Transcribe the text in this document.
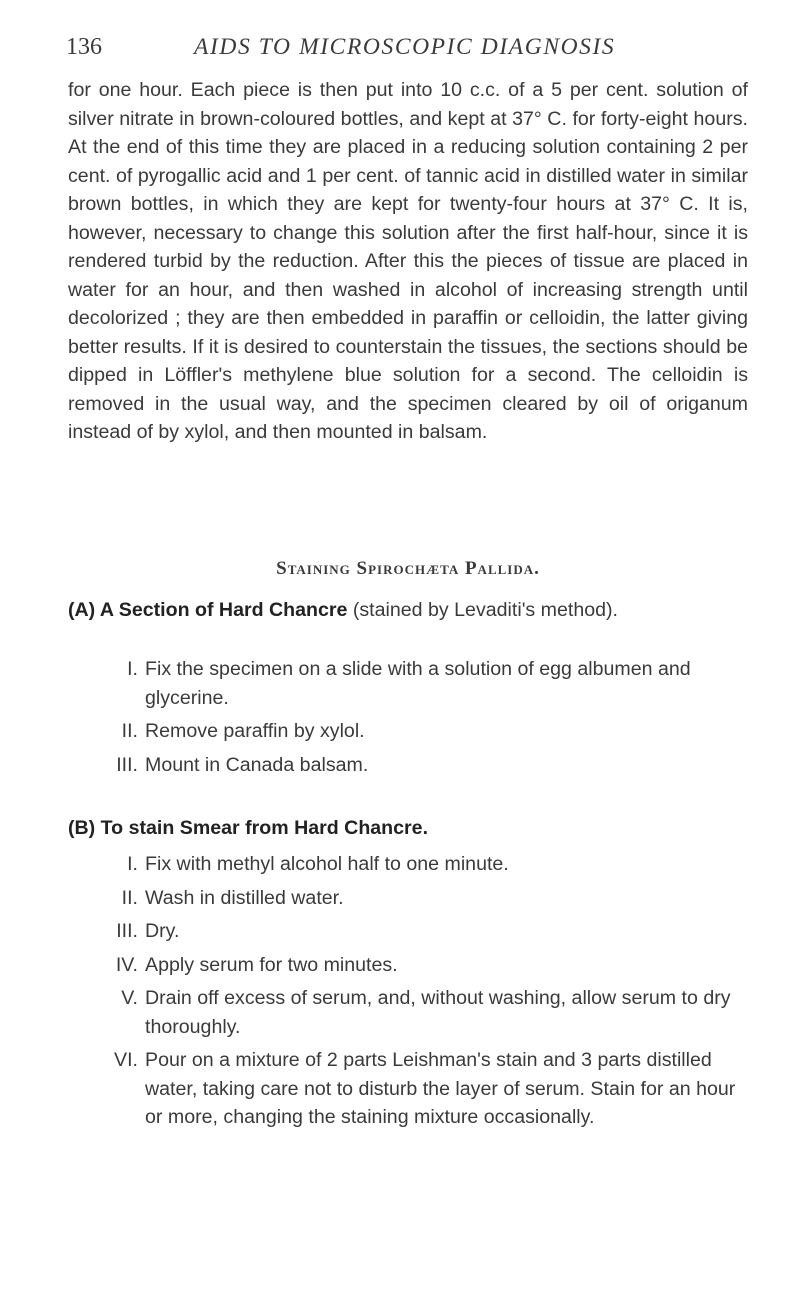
136	AIDS TO MICROSCOPIC DIAGNOSIS

for one hour. Each piece is then put into 10 c.c. of a 5 per cent. solution of silver nitrate in brown-coloured bottles, and kept at 37° C. for forty-eight hours. At the end of this time they are placed in a reducing solution containing 2 per cent. of pyrogallic acid and 1 per cent. of tannic acid in distilled water in similar brown bottles, in which they are kept for twenty-four hours at 37° C. It is, however, necessary to change this solution after the first half-hour, since it is rendered turbid by the reduction. After this the pieces of tissue are placed in water for an hour, and then washed in alcohol of increasing strength until decolorized ; they are then embedded in paraffin or celloidin, the latter giving better results. If it is desired to counterstain the tissues, the sections should be dipped in Löffler's methylene blue solution for a second. The celloidin is removed in the usual way, and the specimen cleared by oil of origanum instead of by xylol, and then mounted in balsam.

Staining Spirochæta Pallida.

(A) A Section of Hard Chancre (stained by Levaditi's method).

I. Fix the specimen on a slide with a solution of egg albumen and glycerine.
II. Remove paraffin by xylol.
III. Mount in Canada balsam.

(B) To stain Smear from Hard Chancre.

I. Fix with methyl alcohol half to one minute.
II. Wash in distilled water.
III. Dry.
IV. Apply serum for two minutes.
V. Drain off excess of serum, and, without washing, allow serum to dry thoroughly.
VI. Pour on a mixture of 2 parts Leishman's stain and 3 parts distilled water, taking care not to disturb the layer of serum. Stain for an hour or more, changing the staining mixture occasionally.
